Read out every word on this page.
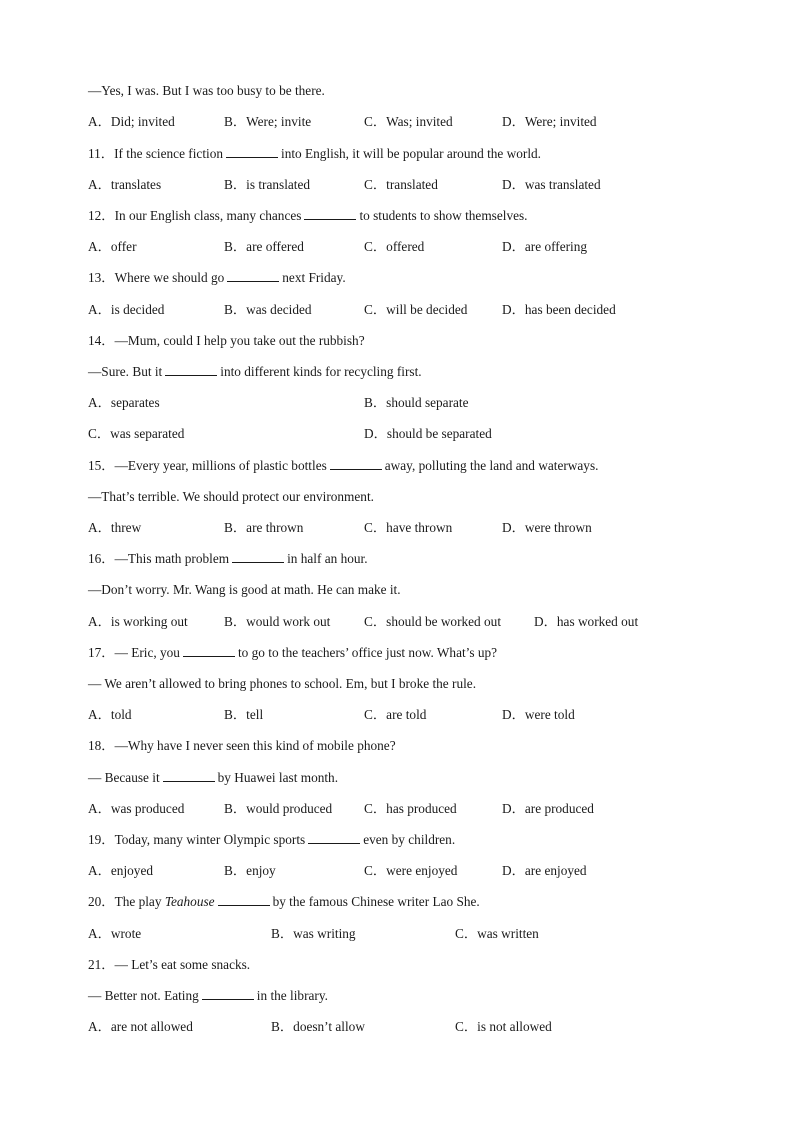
—Yes, I was. But I was too busy to be there.
A．Did; invited	B．Were; invite	C．Was; invited	D．Were; invited
11．If the science fiction	into English, it will be popular around the world.
A．translates	B．is translated	C．translated	D．was translated
12．In our English class, many chances	to students to show themselves.
A．offer	B．are offered	C．offered	D．are offering
13．Where we should go	next Friday.
A．is decided	B．was decided	C．will be decided	D．has been decided
14．—Mum, could I help you take out the rubbish?
—Sure. But it	into different kinds for recycling first.
A．separates	B．should separate
C．was separated	D．should be separated
15．—Every year, millions of plastic bottles	away, polluting the land and waterways.
—That’s terrible. We should protect our environment.
A．threw	B．are thrown	C．have thrown	D．were thrown
16．—This math problem	in half an hour.
—Don’t worry. Mr. Wang is good at math. He can make it.
A．is working out	B．would work out	C．should be worked out D．has worked out
17．— Eric, you	to go to the teachers’ office just now. What’s up?
— We aren’t allowed to bring phones to school. Em, but I broke the rule.
A．told	B．tell	C．are told	D．were told
18．—Why have I never seen this kind of mobile phone?
— Because it	by Huawei last month.
A．was produced	B．would produced C．has produced	D．are produced
19．Today, many winter Olympic sports	even by children.
A．enjoyed	B．enjoy	C．were enjoyed	D．are enjoyed
20．The play Teahouse	by the famous Chinese writer Lao She.
A．wrote	B．was writing	C．was written
21．— Let’s eat some snacks.
— Better not. Eating	in the library.
A．are not allowed	B．doesn’t allow	C．is not allowed
